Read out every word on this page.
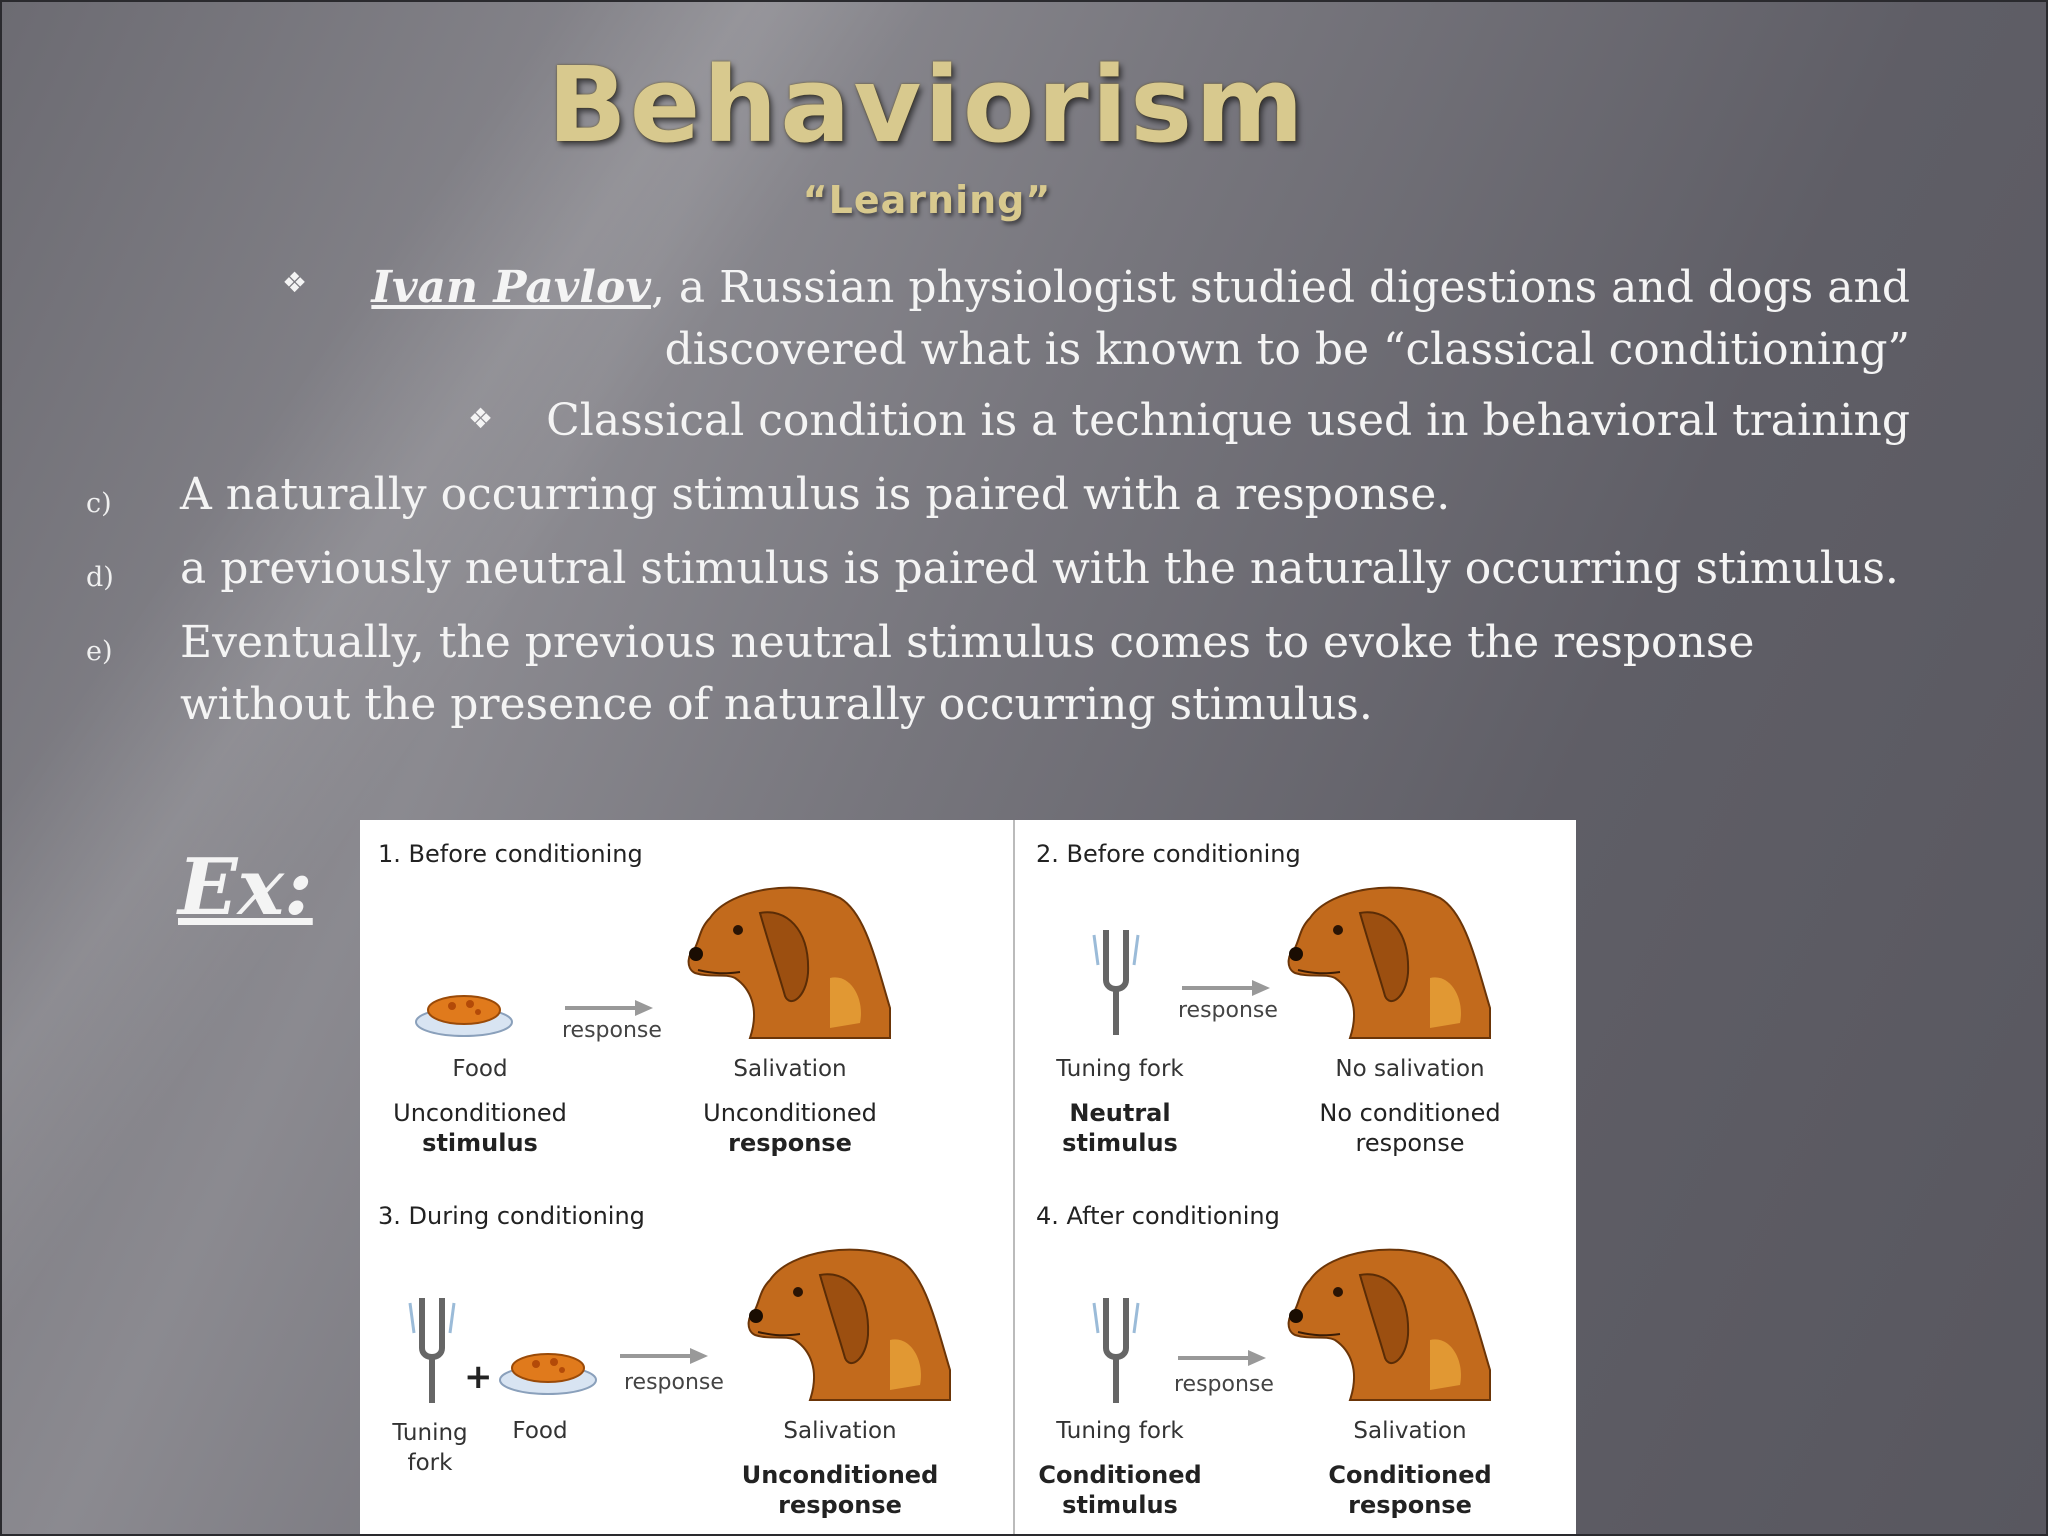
Behaviorism
“Learning”
❖ Ivan Pavlov, a Russian physiologist studied digestions and dogs and
discovered what is known to be “classical conditioning”
❖	Classical condition is a technique used in behavioral training
c) A naturally occurring stimulus is paired with a response.
d) a previously neutral stimulus is paired with the naturally occurring stimulus.
e) Eventually, the previous neutral stimulus comes to evoke the response
without the presence of naturally occurring stimulus.
Ex:
+
1. Before conditioning
response
Food
Unconditioned
stimulus
Salivation
Unconditioned
response
2. Before conditioning
response
Tuning fork
Neutral
stimulus
No salivation
No conditioned
response
3. During conditioning
response
Tuning
fork
Food	Salivation
Unconditioned
response
4. After conditioning
response
Tuning fork
Conditioned
stimulus
Salivation
Conditioned
response
